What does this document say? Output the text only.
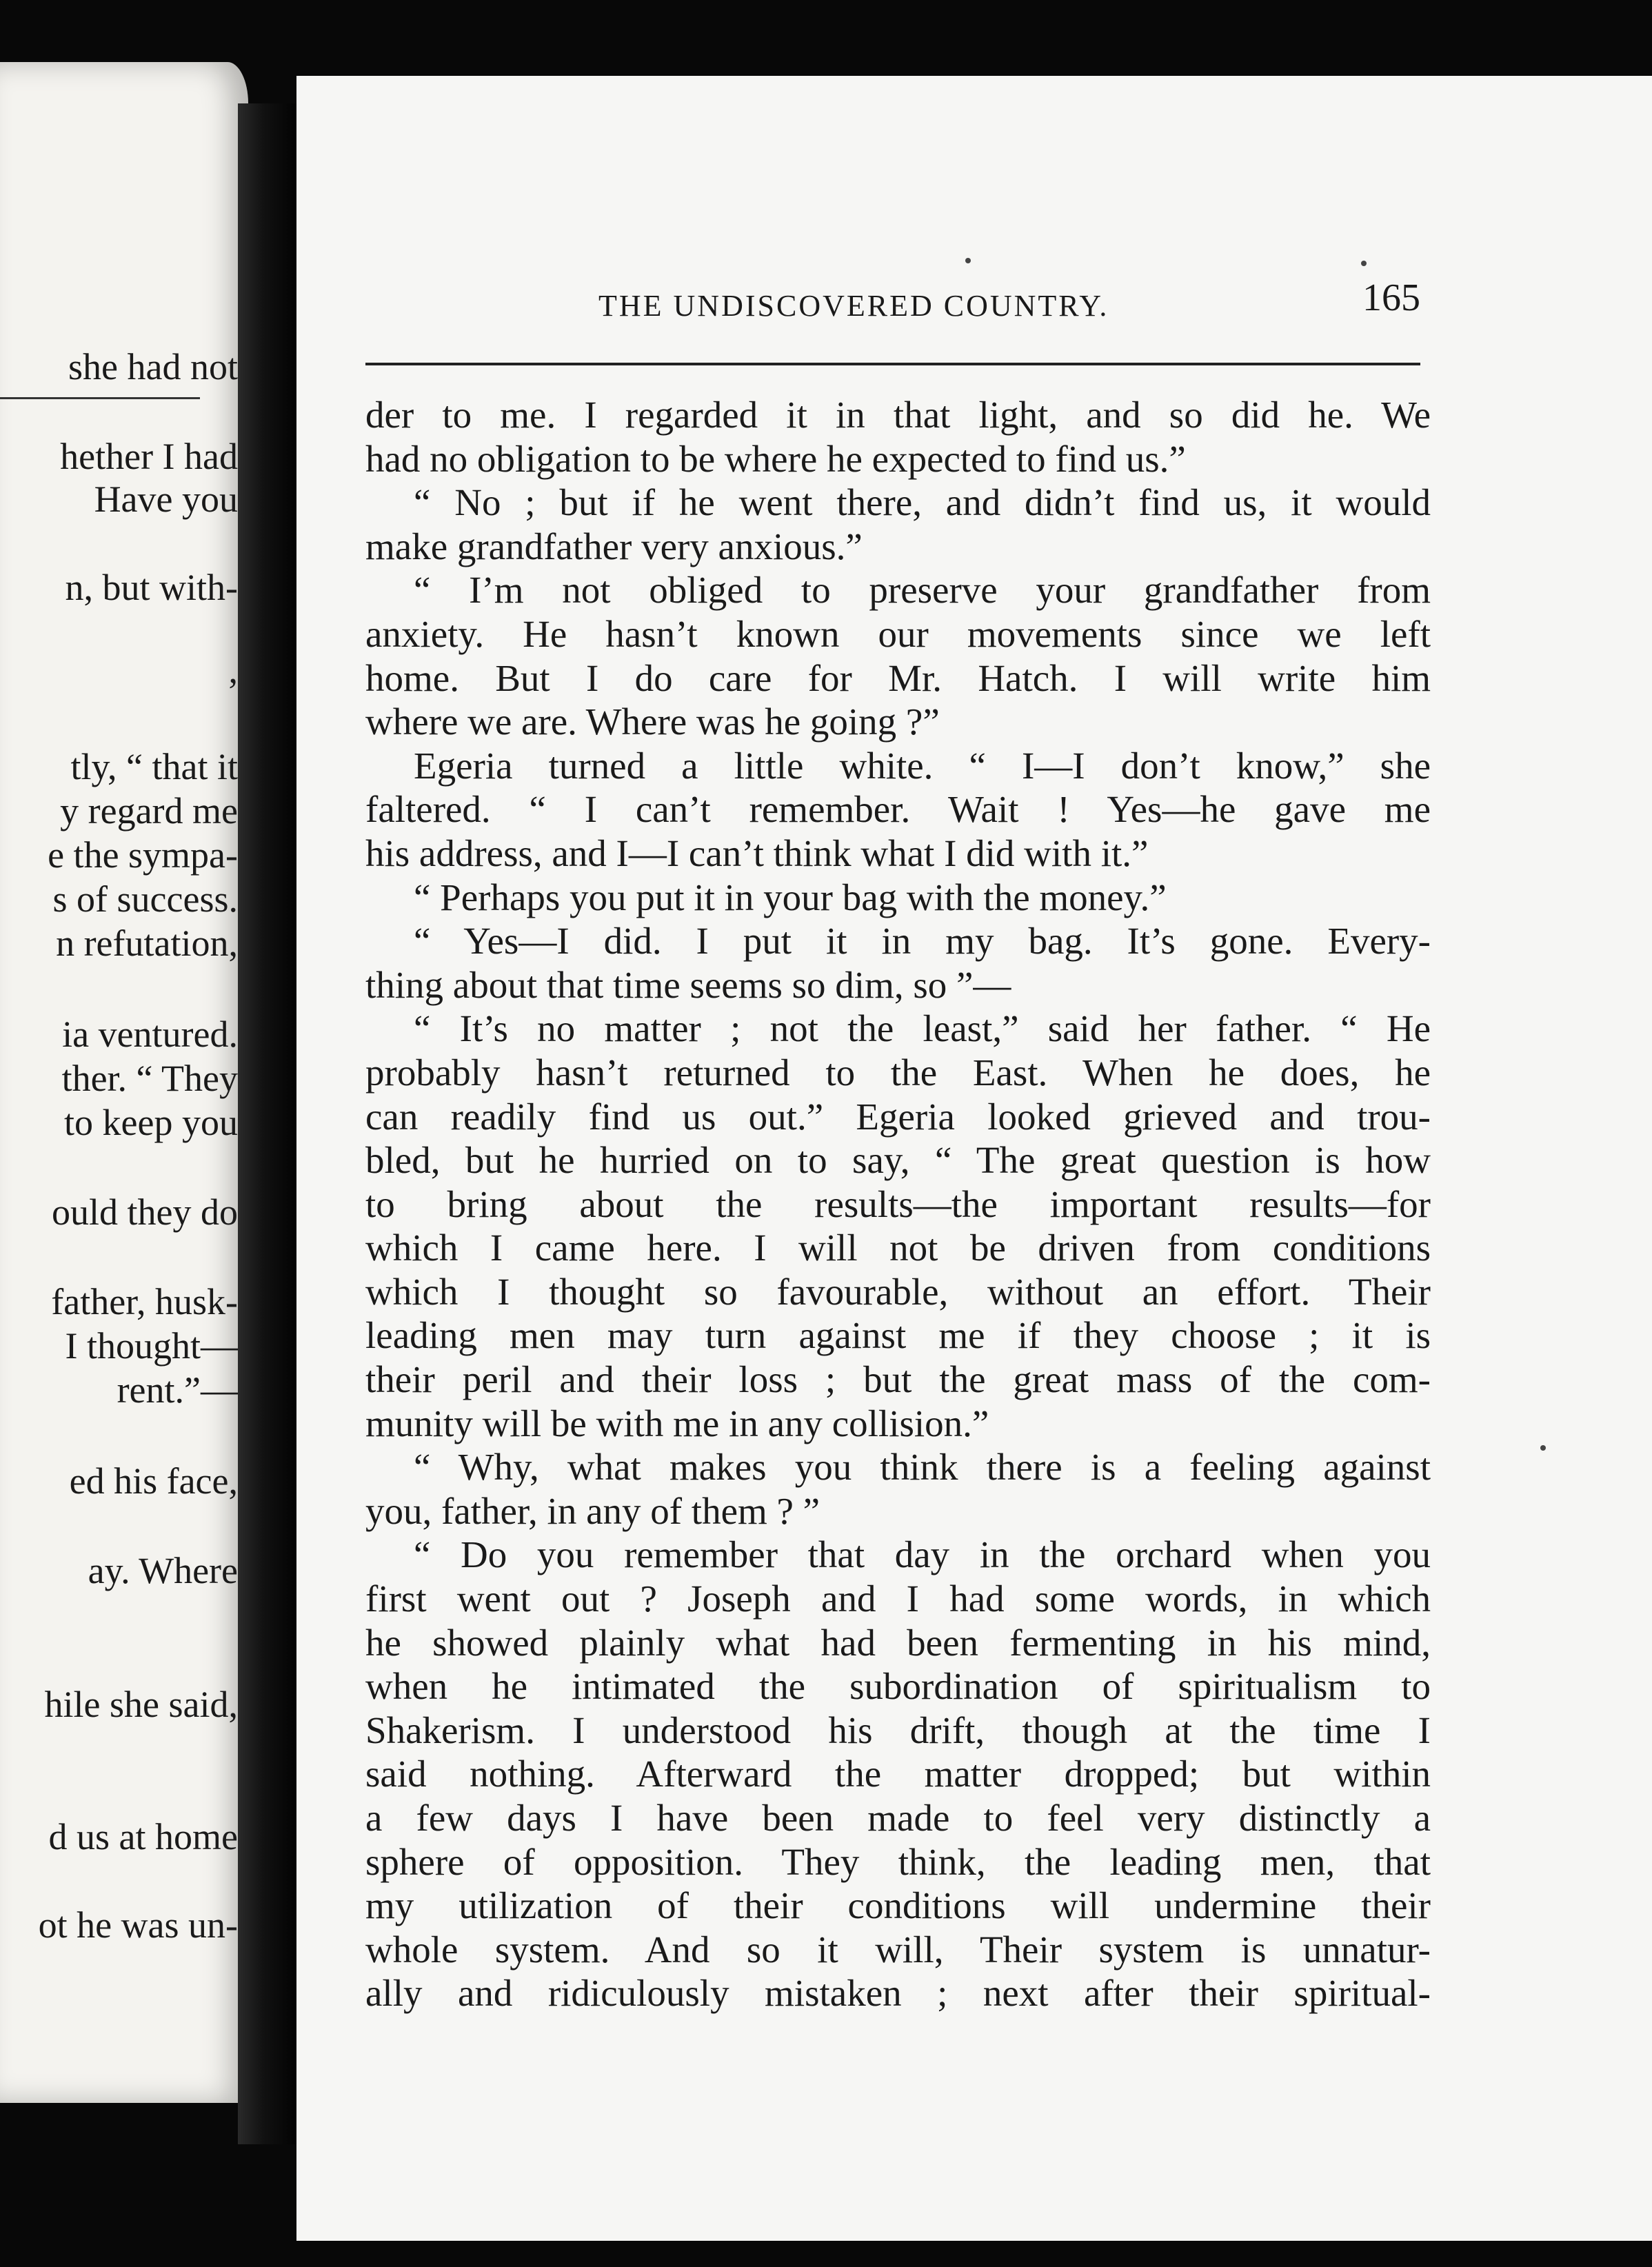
she had not
hether I had
Have you
n, but with-
,
tly, “ that it
y regard me
e the sympa-
s of success.
n refutation,
ia ventured.
ther. “ They
to keep you
ould they do
father, husk-
I thought—
rent.”—
ed his face,
ay. Where
hile she said,
d us at home
ot he was un-
THE UNDISCOVERED COUNTRY.	165
der to me. I regarded it in that light, and so did he. We
had no obligation to be where he expected to find us.”
“ No ; but if he went there, and didn’t find us, it would
make grandfather very anxious.”
“ I’m not obliged to preserve your grandfather from
anxiety. He hasn’t known our movements since we left
home. But I do care for Mr. Hatch. I will write him
where we are. Where was he going ?”
Egeria turned a little white. “ I—I don’t know,” she
faltered. “ I can’t remember. Wait ! Yes—he gave me
his address, and I—I can’t think what I did with it.”
“ Perhaps you put it in your bag with the money.”
“ Yes—I did. I put it in my bag. It’s gone. Every-
thing about that time seems so dim, so ”—
“ It’s no matter ; not the least,” said her father. “ He
probably hasn’t returned to the East. When he does, he
can readily find us out.” Egeria looked grieved and trou-
bled, but he hurried on to say, “ The great question is how
to bring about the results—the important results—for
which I came here. I will not be driven from conditions
which I thought so favourable, without an effort. Their
leading men may turn against me if they choose ; it is
their peril and their loss ; but the great mass of the com-
munity will be with me in any collision.”
“ Why, what makes you think there is a feeling against
you, father, in any of them ? ”
“ Do you remember that day in the orchard when you
first went out ? Joseph and I had some words, in which
he showed plainly what had been fermenting in his mind,
when he intimated the subordination of spiritualism to
Shakerism. I understood his drift, though at the time I
said nothing. Afterward the matter dropped; but within
a few days I have been made to feel very distinctly a
sphere of opposition. They think, the leading men, that
my utilization of their conditions will undermine their
whole system. And so it will, Their system is unnatur-
ally and ridiculously mistaken ; next after their spiritual-
